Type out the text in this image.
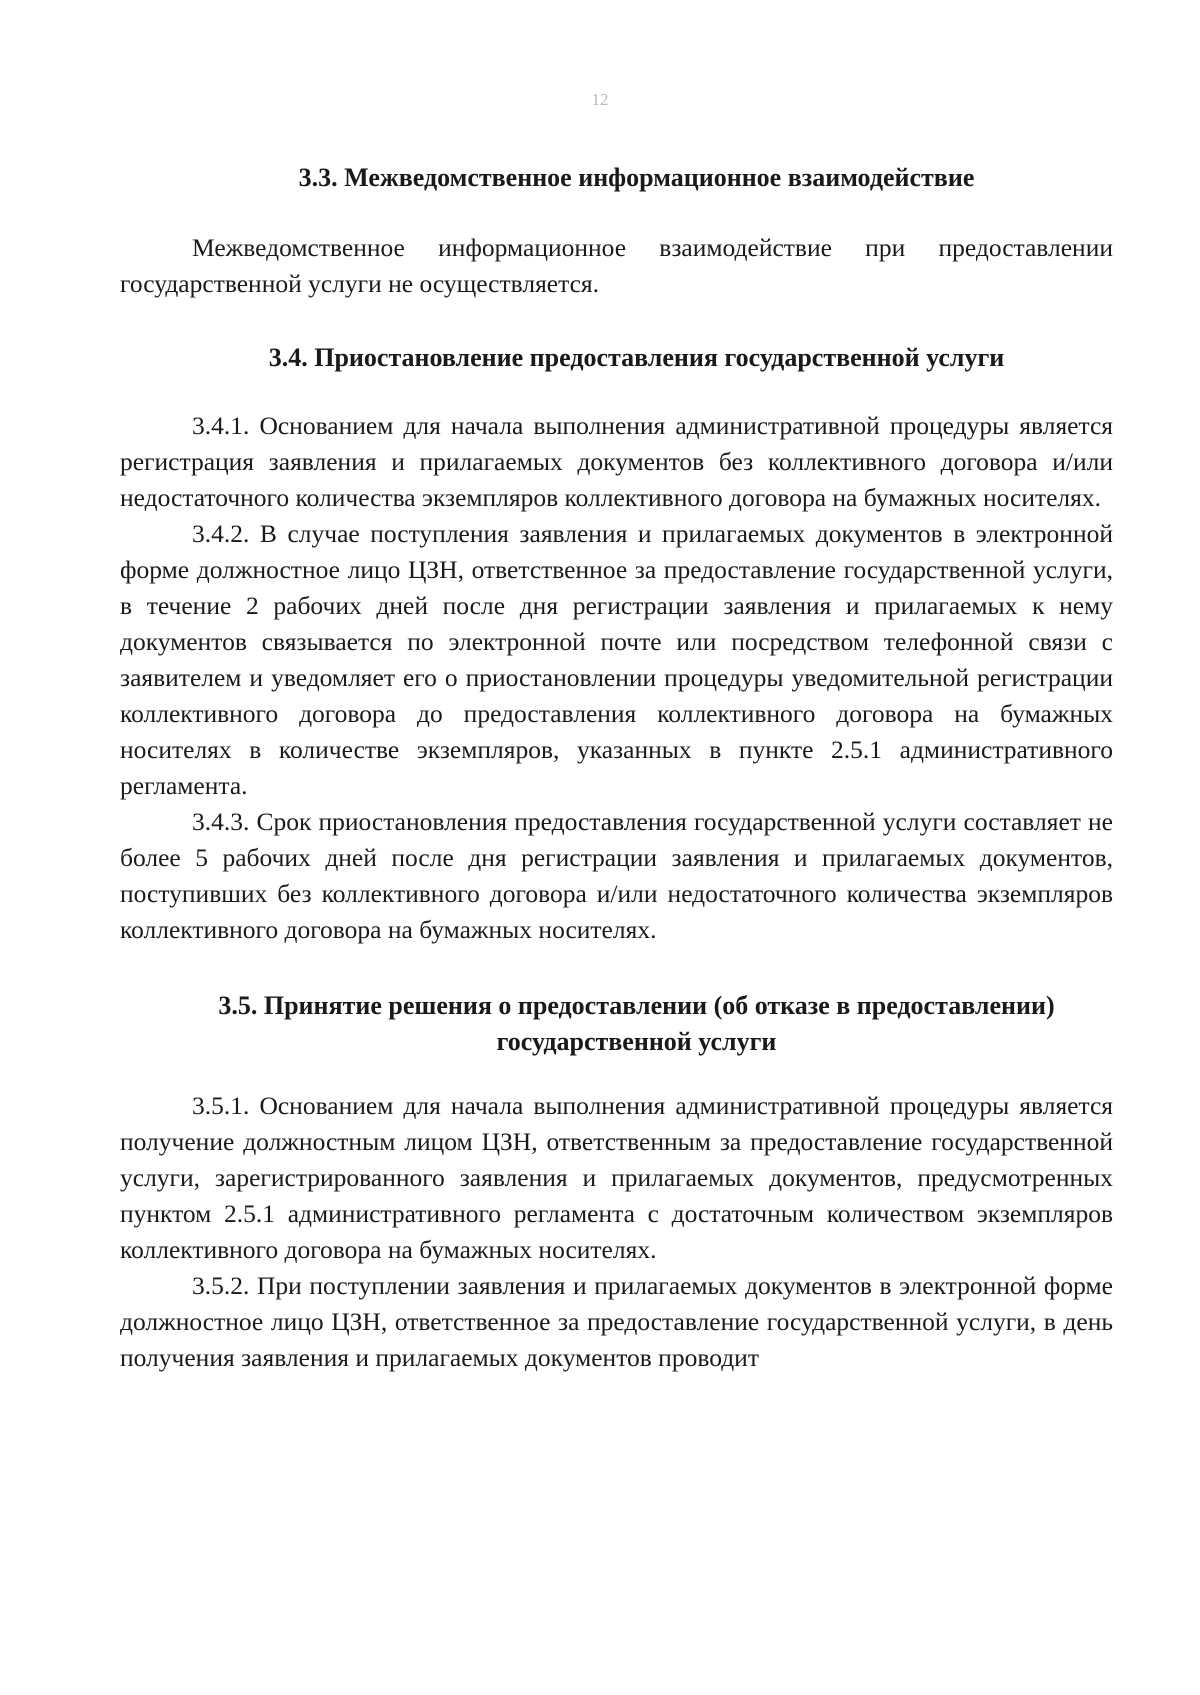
12
3.3. Межведомственное информационное взаимодействие

Межведомственное информационное взаимодействие при предоставлении государственной услуги не осуществляется.

3.4. Приостановление предоставления государственной услуги

3.4.1. Основанием для начала выполнения административной процедуры является регистрация заявления и прилагаемых документов без коллективного договора и/или недостаточного количества экземпляров коллективного договора на бумажных носителях.

3.4.2. В случае поступления заявления и прилагаемых документов в электронной форме должностное лицо ЦЗН, ответственное за предоставление государственной услуги, в течение 2 рабочих дней после дня регистрации заявления и прилагаемых к нему документов связывается по электронной почте или посредством телефонной связи с заявителем и уведомляет его о приостановлении процедуры уведомительной регистрации коллективного договора до предоставления коллективного договора на бумажных носителях в количестве экземпляров, указанных в пункте 2.5.1 административного регламента.

3.4.3. Срок приостановления предоставления государственной услуги составляет не более 5 рабочих дней после дня регистрации заявления и прилагаемых документов, поступивших без коллективного договора и/или недостаточного количества экземпляров коллективного договора на бумажных носителях.

3.5. Принятие решения о предоставлении (об отказе в предоставлении)
государственной услуги

3.5.1. Основанием для начала выполнения административной процедуры является получение должностным лицом ЦЗН, ответственным за предоставление государственной услуги, зарегистрированного заявления и прилагаемых документов, предусмотренных пунктом 2.5.1 административного регламента с достаточным количеством экземпляров коллективного договора на бумажных носителях.

3.5.2. При поступлении заявления и прилагаемых документов в электронной форме должностное лицо ЦЗН, ответственное за предоставление государственной услуги, в день получения заявления и прилагаемых документов проводит
